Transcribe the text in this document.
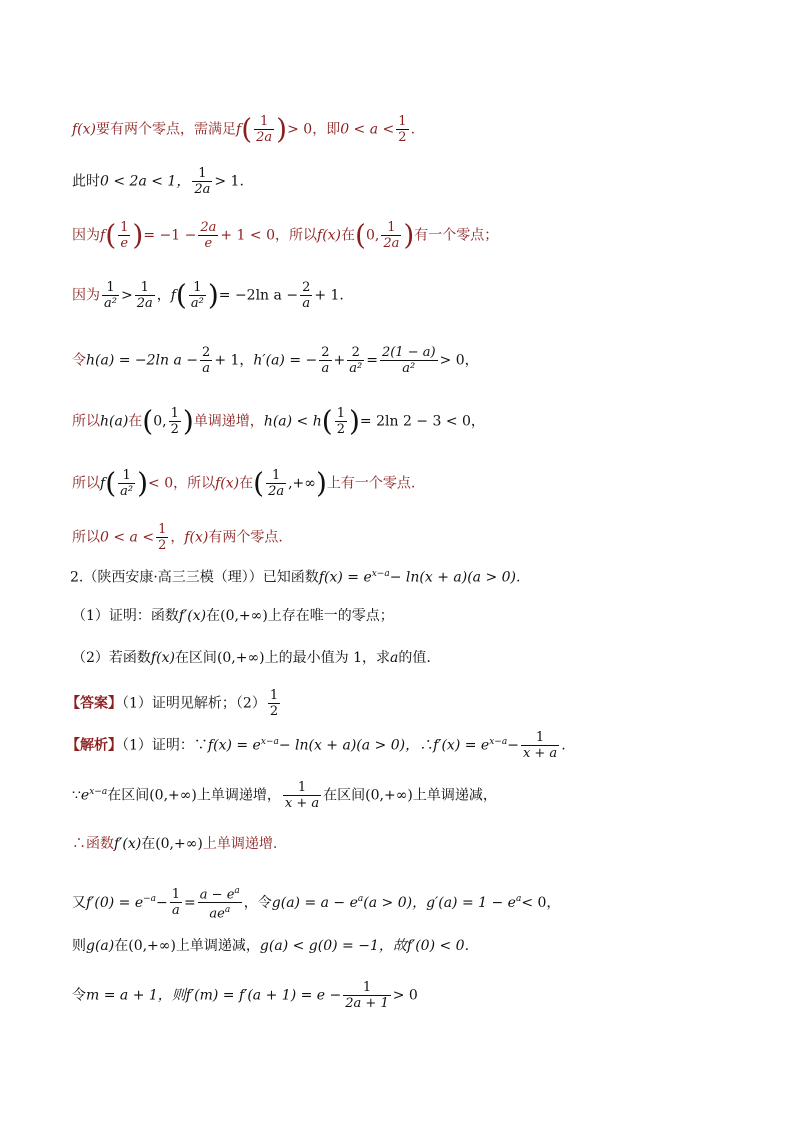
f(x)要有两个零点，需满足$f( \frac{1}{2a}$ )> 0，即$0 < a < \frac{1}{2}$ .
此时0 < 2a < 1， $\frac{1}{2a} > 1$.
因为$f( \frac{1}{e}$ )= $-1 - \frac{2a}{e} + 1 < 0$，所以f(x)在(0, $\frac{1}{2a}$ )有一个零点；
因为 $\frac{1}{\text{a²}} > \frac{1}{2a}$ ，$f( \frac{1}{\text{a²}}$ )= −2ln $a - \frac{2}{a} + 1$.
令h(a) = −2ln $a - \frac{2}{a} + 1$，h′(a) = − $\frac{2}{a} + \frac{2}{\text{a²}} = \frac{2(1 - a)}{\text{a²}} > 0$，
所以h(a)在(0, $\frac{1}{2}$ )单调递增，$h(a) < h( \frac{1}{2}$ )= 2ln 2 − 3 < 0，
所以$f( \frac{1}{\text{a²}}$ )< 0，所以f(x)在( $\frac{1}{2a}$ ,+∞)上有一个零点.
所以$0 < a < \frac{1}{2}$ ，f(x)有两个零点.
2.（陕西安康·高三三模（理））已知函数$f(x) = e^{x-a}- \ln(x + a)(a > 0)$.
（1）证明：函数f′(x)在(0,+∞)上存在唯一的零点；
（2）若函数f(x)在区间(0,+∞)上的最小值为 1，求a的值.
【答案】（1）证明见解析；$(2) \frac{1}{2}$
【解析】（1）证明：∵f(x) = $e^{x-a}- \ln(x + a)(a > 0)$，∴f′(x) = $e^{x-a}- \frac{1}{x + a}$ .
$\because e^{x-a}$在区间(0,+∞)上单调递增， $\frac{1}{x + a}$ 在区间(0,+∞)上单调递减，
∴函数f′(x)在(0,+∞)上单调递增.
又$f'(0) = e^{-a}- \frac{1}{a} = \frac{a - e^a}{ae^a}$ ，令$g(a) = a - e^a(a > 0)$，$g'(a) = 1 - e^a< 0$，
则g(a)在(0,+∞)上单调递减，g(a) < g(0) = −1，故f′(0) < 0.
令m = a + 1，则$f'(m) = f'(a + 1) = e - \frac{1}{2a + 1} > 0$
